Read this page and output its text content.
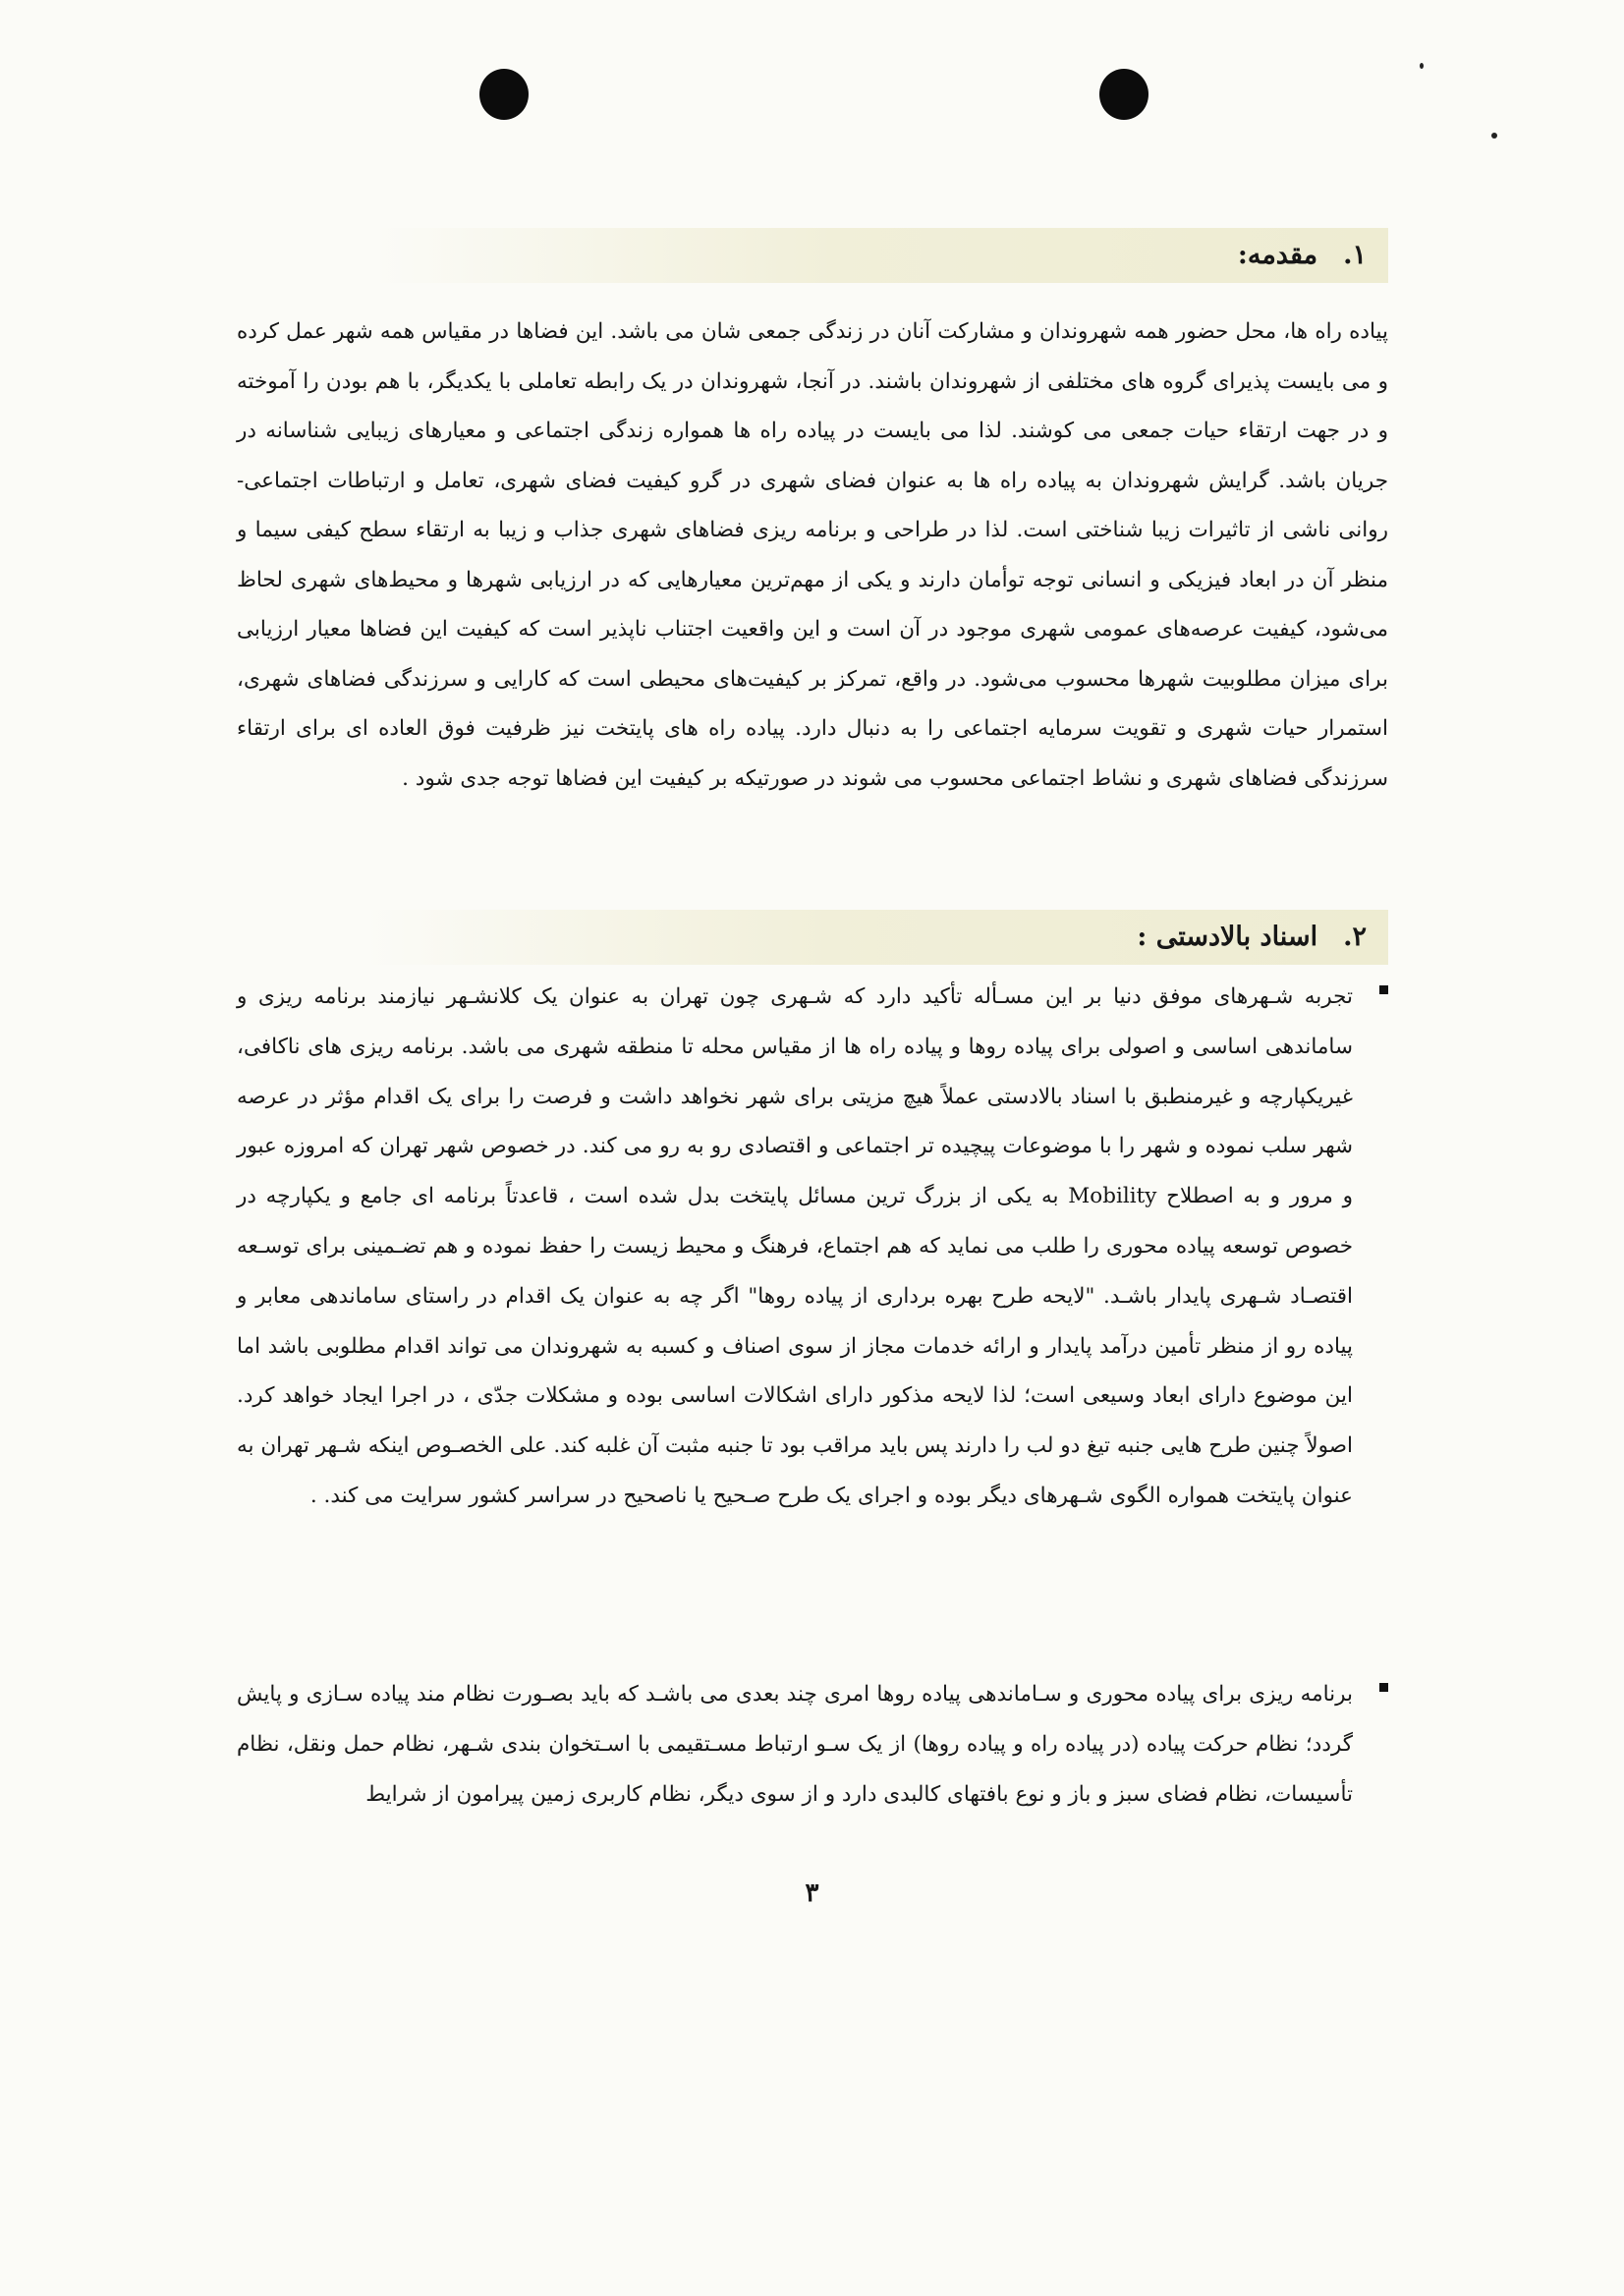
۱.مقدمه:

پیاده راه ها، محل حضور همه شهروندان و مشارکت آنان در زندگی جمعی شان می باشد. این فضاها در مقیاس همه شهر عمل کرده و می بایست پذیرای گروه های مختلفی از شهروندان باشند. در آنجا، شهروندان در یک رابطه تعاملی با یکدیگر، با هم بودن را آموخته و در جهت ارتقاء حیات جمعی می کوشند. لذا می بایست در پیاده راه ها همواره زندگی اجتماعی و معیارهای زیبایی شناسانه در جریان باشد. گرایش شهروندان به پیاده راه ها به عنوان فضای شهری در گرو کیفیت فضای شهری، تعامل و ارتباطات اجتماعی- روانی ناشی از تاثیرات زیبا شناختی است. لذا در طراحی و برنامه ریزی فضاهای شهری جذاب و زیبا به ارتقاء سطح کیفی سیما و منظر آن در ابعاد فیزیکی و انسانی توجه توأمان دارند و یکی از مهم‌ترین معیارهایی که در ارزیابی شهرها و محیط‌های شهری لحاظ می‌شود، کیفیت عرصه‌های عمومی شهری موجود در آن است و این واقعیت اجتناب ناپذیر است که کیفیت این فضاها معیار ارزیابی برای میزان مطلوبیت شهرها محسوب می‌شود. در واقع، تمرکز بر کیفیت‌های محیطی است که کارایی و سرزندگی فضاهای شهری، استمرار حیات شهری و تقویت سرمایه اجتماعی را به دنبال دارد. پیاده راه های پایتخت نیز ظرفیت فوق العاده ای برای ارتقاء سرزندگی فضاهای شهری و نشاط اجتماعی محسوب می شوند در صورتیکه بر کیفیت این فضاها توجه جدی شود .

۲.اسناد بالادستی :

تجربه شـهرهای موفق دنیا بر این مسـأله تأکید دارد که شـهری چون تهران به عنوان یک کلانشـهر نیازمند برنامه ریزی و ساماندهی اساسی و اصولی برای پیاده روها و پیاده راه ها از مقیاس محله تا منطقه شهری می باشد. برنامه ریزی های ناکافی، غیریکپارچه و غیرمنطبق با اسناد بالادستی عملاً هیچ مزیتی برای شهر نخواهد داشت و فرصت را برای یک اقدام مؤثر در عرصه شهر سلب نموده و شهر را با موضوعات پیچیده تر اجتماعی و اقتصادی رو به رو می کند. در خصوص شهر تهران که امروزه عبور و مرور و به اصطلاح Mobility به یکی از بزرگ ترین مسائل پایتخت بدل شده است ، قاعدتاً برنامه ای جامع و یکپارچه در خصوص توسعه پیاده محوری را طلب می نماید که هم اجتماع، فرهنگ و محیط زیست را حفظ نموده و هم تضـمینی برای توسـعه اقتصـاد شـهری پایدار باشـد. "لایحه طرح بهره برداری از پیاده روها" اگر چه به عنوان یک اقدام در راستای ساماندهی معابر و پیاده رو از منظر تأمین درآمد پایدار و ارائه خدمات مجاز از سوی اصناف و کسبه به شهروندان می تواند اقدام مطلوبی باشد اما این موضوع دارای ابعاد وسیعی است؛ لذا لایحه مذکور دارای اشکالات اساسی بوده و مشکلات جدّی ، در اجرا ایجاد خواهد کرد. اصولاً چنین طرح هایی جنبه تیغ دو لب را دارند پس باید مراقب بود تا جنبه مثبت آن غلبه کند. علی الخصـوص اینکه شـهر تهران به عنوان پایتخت همواره الگوی شـهرهای دیگر بوده و اجرای یک طرح صـحیح یا ناصحیح در سراسر کشور سرایت می کند. .

برنامه ریزی برای پیاده محوری و سـاماندهی پیاده روها امری چند بعدی می باشـد که باید بصـورت نظام مند پیاده سـازی و پایش گردد؛ نظام حرکت پیاده (در پیاده راه و پیاده روها) از یک سـو ارتباط مسـتقیمی با اسـتخوان بندی شـهر، نظام حمل ونقل، نظام تأسیسات، نظام فضای سبز و باز و نوع بافتهای کالبدی دارد و از سوی دیگر، نظام کاربری زمین پیرامون از شرایط

۳
